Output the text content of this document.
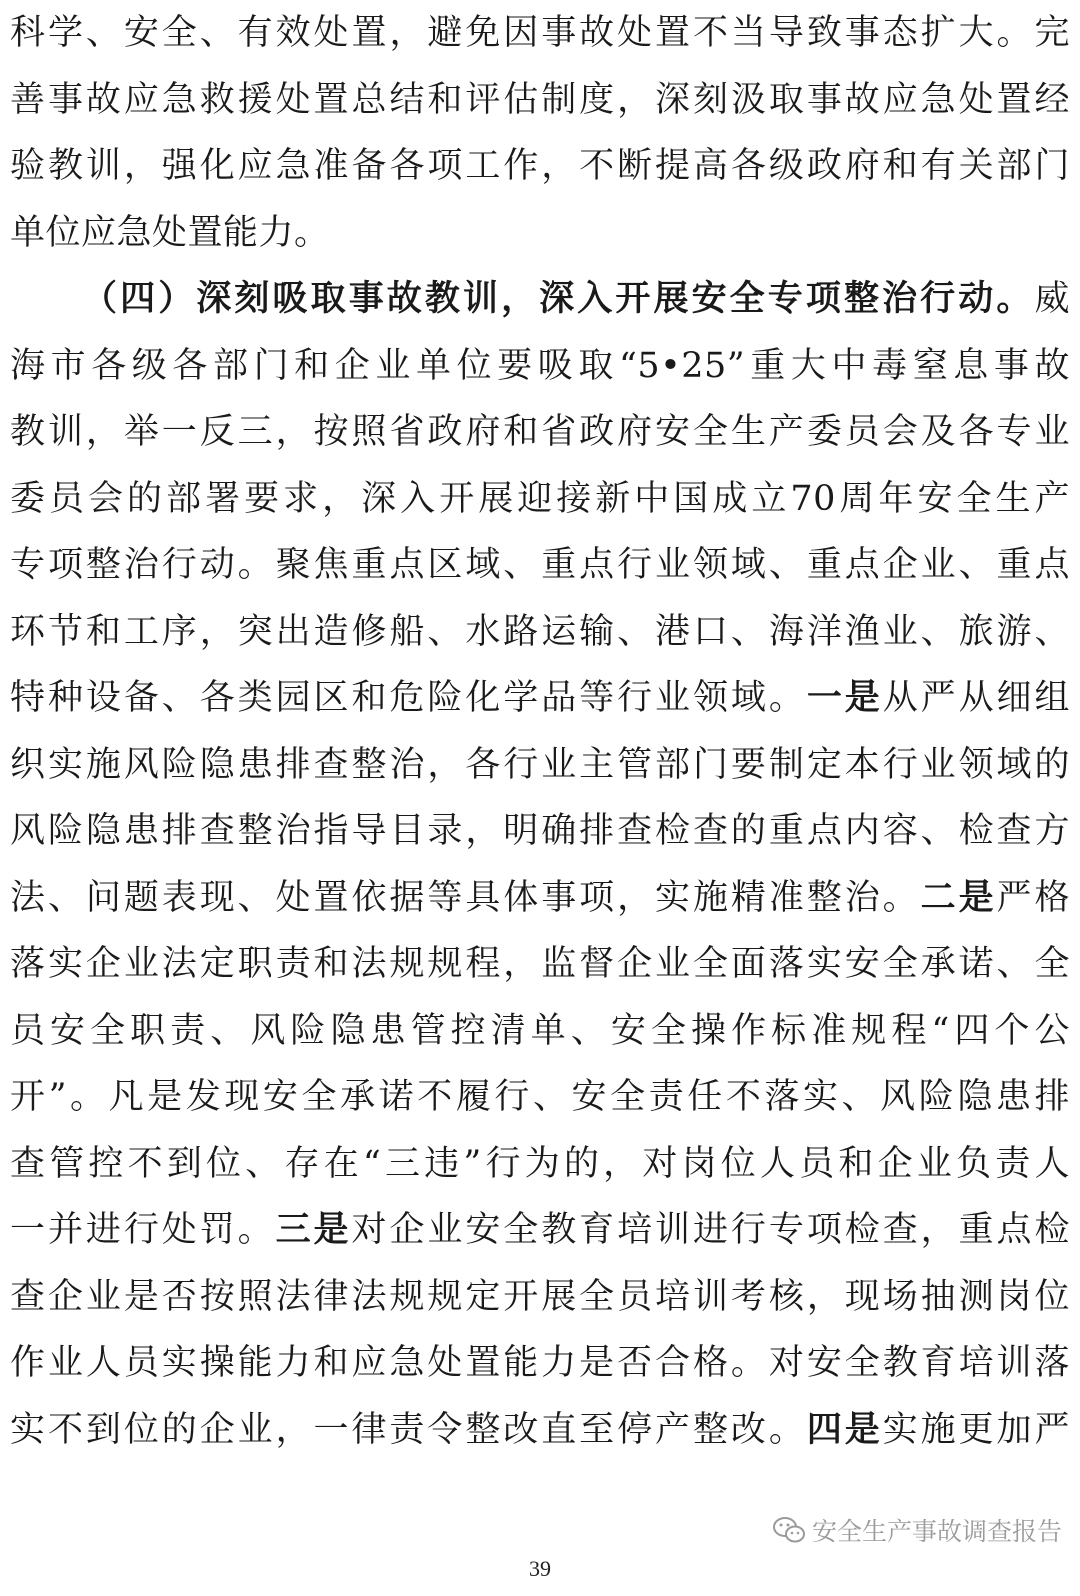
科学、安全、有效处置，避免因事故处置不当导致事态扩大。完
善事故应急救援处置总结和评估制度，深刻汲取事故应急处置经
验教训，强化应急准备各项工作，不断提高各级政府和有关部门
单位应急处置能力。
（四）深刻吸取事故教训，深入开展安全专项整治行动。威
海市各级各部门和企业单位要吸取“5•25”重大中毒窒息事故
教训，举一反三，按照省政府和省政府安全生产委员会及各专业
委员会的部署要求，深入开展迎接新中国成立70周年安全生产
专项整治行动。聚焦重点区域、重点行业领域、重点企业、重点
环节和工序，突出造修船、水路运输、港口、海洋渔业、旅游、
特种设备、各类园区和危险化学品等行业领域。一是从严从细组
织实施风险隐患排查整治，各行业主管部门要制定本行业领域的
风险隐患排查整治指导目录，明确排查检查的重点内容、检查方
法、问题表现、处置依据等具体事项，实施精准整治。二是严格
落实企业法定职责和法规规程，监督企业全面落实安全承诺、全
员安全职责、风险隐患管控清单、安全操作标准规程“四个公
开”。凡是发现安全承诺不履行、安全责任不落实、风险隐患排
查管控不到位、存在“三违”行为的，对岗位人员和企业负责人
一并进行处罚。三是对企业安全教育培训进行专项检查，重点检
查企业是否按照法律法规规定开展全员培训考核，现场抽测岗位
作业人员实操能力和应急处置能力是否合格。对安全教育培训落
实不到位的企业，一律责令整改直至停产整改。四是实施更加严
安全生产事故调查报告
39
